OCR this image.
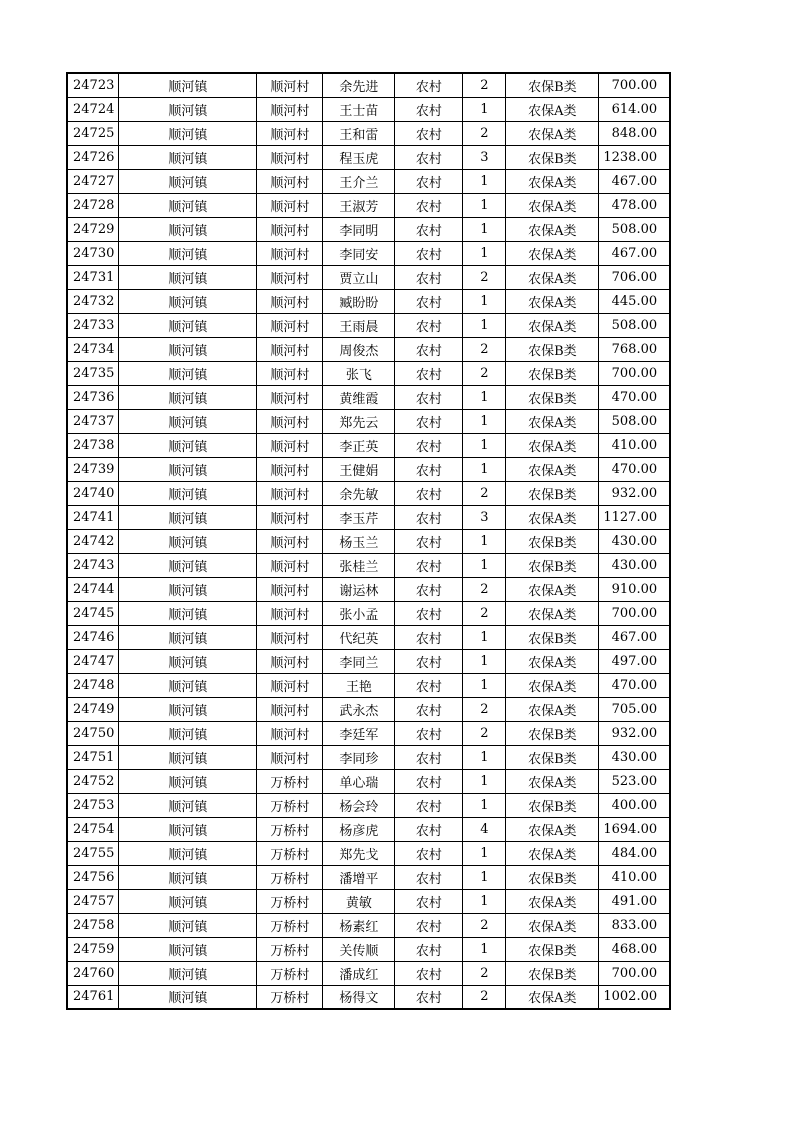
24723	顺河镇	顺河村	余先进	农村	2	农保B类	700.00
24724	顺河镇	顺河村	王士苗	农村	1	农保A类	614.00
24725	顺河镇	顺河村	王和雷	农村	2	农保A类	848.00
24726	顺河镇	顺河村	程玉虎	农村	3	农保B类	1238.00
24727	顺河镇	顺河村	王介兰	农村	1	农保A类	467.00
24728	顺河镇	顺河村	王淑芳	农村	1	农保A类	478.00
24729	顺河镇	顺河村	李同明	农村	1	农保A类	508.00
24730	顺河镇	顺河村	李同安	农村	1	农保A类	467.00
24731	顺河镇	顺河村	贾立山	农村	2	农保A类	706.00
24732	顺河镇	顺河村	臧盼盼	农村	1	农保A类	445.00
24733	顺河镇	顺河村	王雨晨	农村	1	农保A类	508.00
24734	顺河镇	顺河村	周俊杰	农村	2	农保B类	768.00
24735	顺河镇	顺河村	张飞	农村	2	农保B类	700.00
24736	顺河镇	顺河村	黄维霞	农村	1	农保B类	470.00
24737	顺河镇	顺河村	郑先云	农村	1	农保A类	508.00
24738	顺河镇	顺河村	李正英	农村	1	农保A类	410.00
24739	顺河镇	顺河村	王健娟	农村	1	农保A类	470.00
24740	顺河镇	顺河村	余先敏	农村	2	农保B类	932.00
24741	顺河镇	顺河村	李玉芹	农村	3	农保A类	1127.00
24742	顺河镇	顺河村	杨玉兰	农村	1	农保B类	430.00
24743	顺河镇	顺河村	张桂兰	农村	1	农保B类	430.00
24744	顺河镇	顺河村	谢运林	农村	2	农保A类	910.00
24745	顺河镇	顺河村	张小孟	农村	2	农保A类	700.00
24746	顺河镇	顺河村	代纪英	农村	1	农保B类	467.00
24747	顺河镇	顺河村	李同兰	农村	1	农保A类	497.00
24748	顺河镇	顺河村	王艳	农村	1	农保A类	470.00
24749	顺河镇	顺河村	武永杰	农村	2	农保A类	705.00
24750	顺河镇	顺河村	李廷军	农村	2	农保B类	932.00
24751	顺河镇	顺河村	李同珍	农村	1	农保B类	430.00
24752	顺河镇	万桥村	单心瑞	农村	1	农保A类	523.00
24753	顺河镇	万桥村	杨会玲	农村	1	农保B类	400.00
24754	顺河镇	万桥村	杨彦虎	农村	4	农保A类	1694.00
24755	顺河镇	万桥村	郑先戈	农村	1	农保A类	484.00
24756	顺河镇	万桥村	潘增平	农村	1	农保B类	410.00
24757	顺河镇	万桥村	黄敏	农村	1	农保A类	491.00
24758	顺河镇	万桥村	杨素红	农村	2	农保A类	833.00
24759	顺河镇	万桥村	关传顺	农村	1	农保B类	468.00
24760	顺河镇	万桥村	潘成红	农村	2	农保B类	700.00
24761	顺河镇	万桥村	杨得文	农村	2	农保A类	1002.00
